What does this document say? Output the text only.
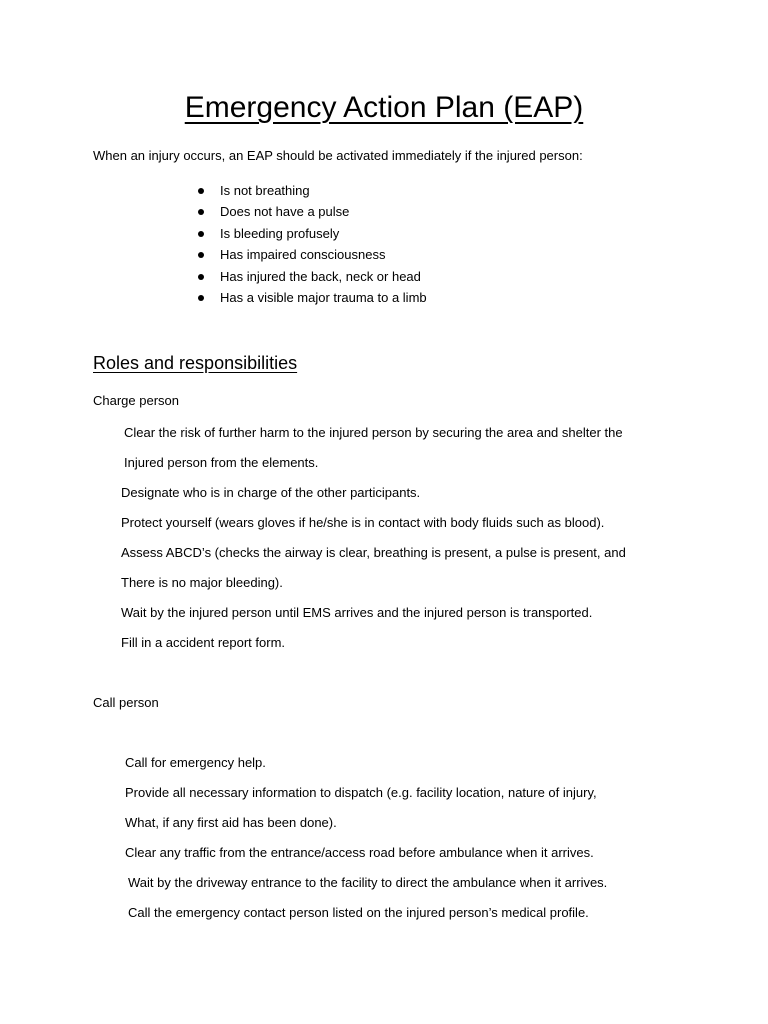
Emergency Action Plan (EAP)

When an injury occurs, an EAP should be activated immediately if the injured person:

Is not breathing
Does not have a pulse
Is bleeding profusely
Has impaired consciousness
Has injured the back, neck or head
Has a visible major trauma to a limb
Roles and responsibilities
Charge person

Clear the risk of further harm to the injured person by securing the area and shelter the

Injured person from the elements.

Designate who is in charge of the other participants.

Protect yourself (wears gloves if he/she is in contact with body fluids such as blood).

Assess ABCD’s (checks the airway is clear, breathing is present, a pulse is present, and

There is no major bleeding).

Wait by the injured person until EMS arrives and the injured person is transported.

Fill in a accident report form.

Call person

Call for emergency help.

Provide all necessary information to dispatch (e.g. facility location, nature of injury,

What, if any first aid has been done).

Clear any traffic from the entrance/access road before ambulance when it arrives.

Wait by the driveway entrance to the facility to direct the ambulance when it arrives.

Call the emergency contact person listed on the injured person’s medical profile.
